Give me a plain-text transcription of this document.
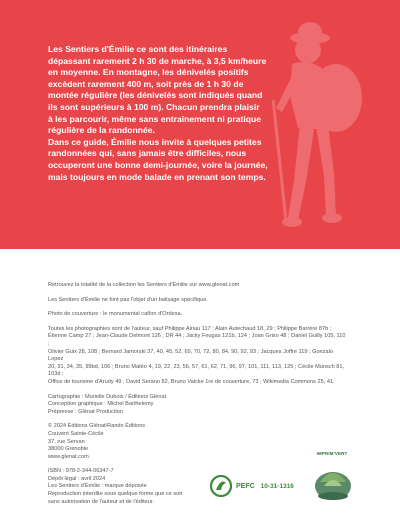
Les Sentiers d'Émilie ce sont des itinéraires

dépassant rarement 2 h 30 de marche, à 3,5 km/heure

en moyenne. En montagne, les dénivelés positifs

excèdent rarement 400 m, soit près de 1 h 30 de

montée régulière (les dénivelés sont indiqués quand

ils sont supérieurs à 100 m). Chacun prendra plaisir

à les parcourir, même sans entraînement ni pratique

régulière de la randonnée.

Dans ce guide, Émilie nous invite à quelques petites

randonnées qui, sans jamais être difficiles, nous

occuperont une bonne demi-journée, voire la journée,

mais toujours en mode balade en prenant son temps.

Retrouvez la totalité de la collection les Sentiers d'Émilie sur www.glenat.com

Les Sentiers d'Émilie ne font pas l'objet d'un balisage spécifique.

Photo de couverture : le monumental cañon d'Ordesa.

Toutes les photographies sont de l'auteur, sauf Philippe Airiau 117 ; Alain Autechaud 18, 29 ; Philippe Barrère 87b ;

Étienne Camp 27 ; Jean-Claude Delmont 126 ; DR 44 ; Jacky Feugas 121b, 124 ; Joan Griso 48 ; Daniel Guilly 105, 110 ;

Olivier Guix 28, 108 ; Bernard Jamorski 37, 40, 45, 52, 69, 70, 72, 80, 84, 90, 92, 93 ; Jacques Joffre 119 ; Gonzalo Lopez

20, 31, 34, 35, 99bd, 106 ; Bruno Matéo 4, 19, 22, 23, 56, 57, 61, 62, 71, 96, 97, 101, 111, 113, 125 ; Cécile Munsch 81, 103d ;

Office de tourisme d'Arudy 49 ; David Serano 82, Bruno Valcke 1re de couverture, 73 ; Wikimedia Commons 25, 41.

Cartographie : Murielle Dubois / Éditions Glénat

Conception graphique : Michel Barthelemy

Prépresse : Glénat Production

© 2024 Éditions Glénat/Rando Éditions

Couvent Sainte-Cécile

37, rue Servan

38000 Grenoble

www.glenat.com

ISBN : 978-2-344-06347-7

Dépôt légal : avril 2024

Les Sentiers d'Émilie : marque déposée

Reproduction interdite sous quelque forme que ce soit

sans autorisation de l'auteur et de l'éditeur.

PEFC 10-31-1316
IMPRIM'VERT
